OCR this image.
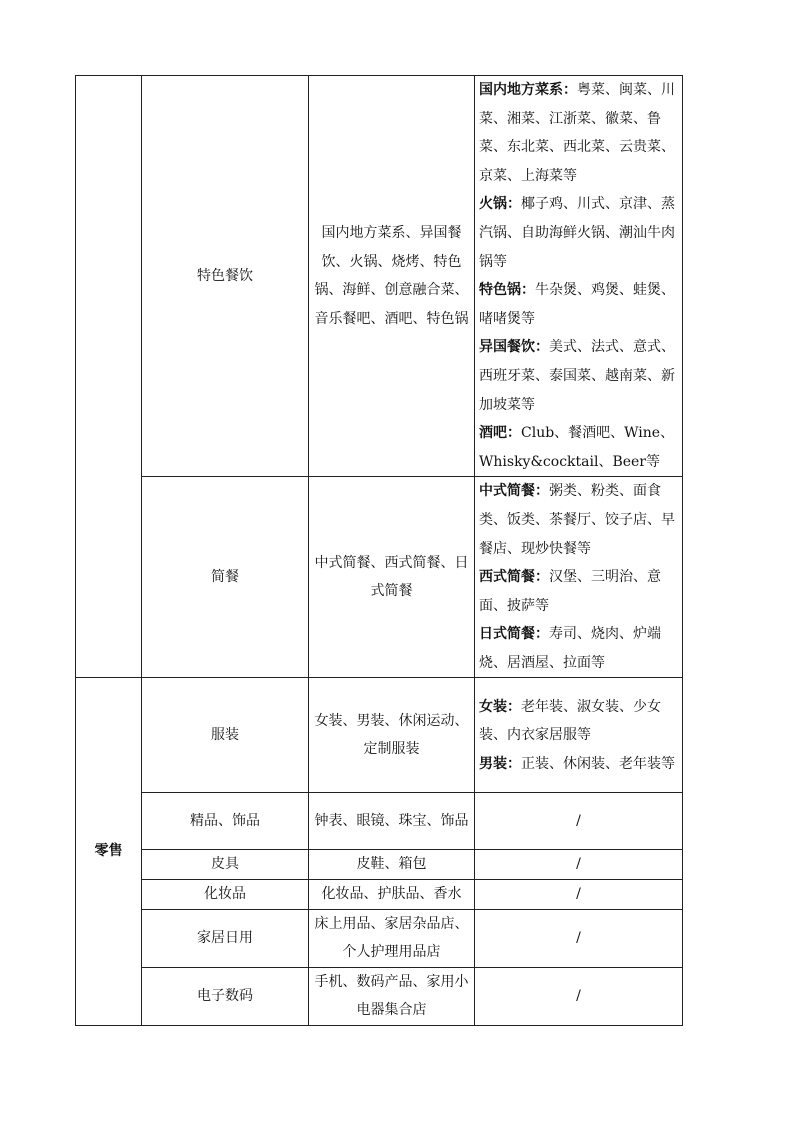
	特色餐饮	国内地方菜系、异国餐饮、火锅、烧烤、特色锅、海鲜、创意融合菜、音乐餐吧、酒吧、特色锅	国内地方菜系：粤菜、闽菜、川菜、湘菜、江浙菜、徽菜、鲁菜、东北菜、西北菜、云贵菜、京菜、上海菜等
火锅：椰子鸡、川式、京津、蒸汽锅、自助海鲜火锅、潮汕牛肉锅等
特色锅：牛杂煲、鸡煲、蛙煲、啫啫煲等
异国餐饮：美式、法式、意式、西班牙菜、泰国菜、越南菜、新加坡菜等
酒吧：Club、餐酒吧、Wine、Whisky&cocktail、Beer等

	简餐	中式简餐、西式简餐、日式简餐	中式简餐：粥类、粉类、面食类、饭类、茶餐厅、饺子店、早餐店、现炒快餐等
西式简餐：汉堡、三明治、意面、披萨等
日式简餐：寿司、烧肉、炉端烧、居酒屋、拉面等

零售	服装	女装、男装、休闲运动、定制服装	女装：老年装、淑女装、少女装、内衣家居服等
男装：正装、休闲装、老年装等

	精品、饰品	钟表、眼镜、珠宝、饰品	/
	皮具	皮鞋、箱包	/
	化妆品	化妆品、护肤品、香水	/
	家居日用	床上用品、家居杂品店、个人护理用品店	/
	电子数码	手机、数码产品、家用小电器集合店	/
